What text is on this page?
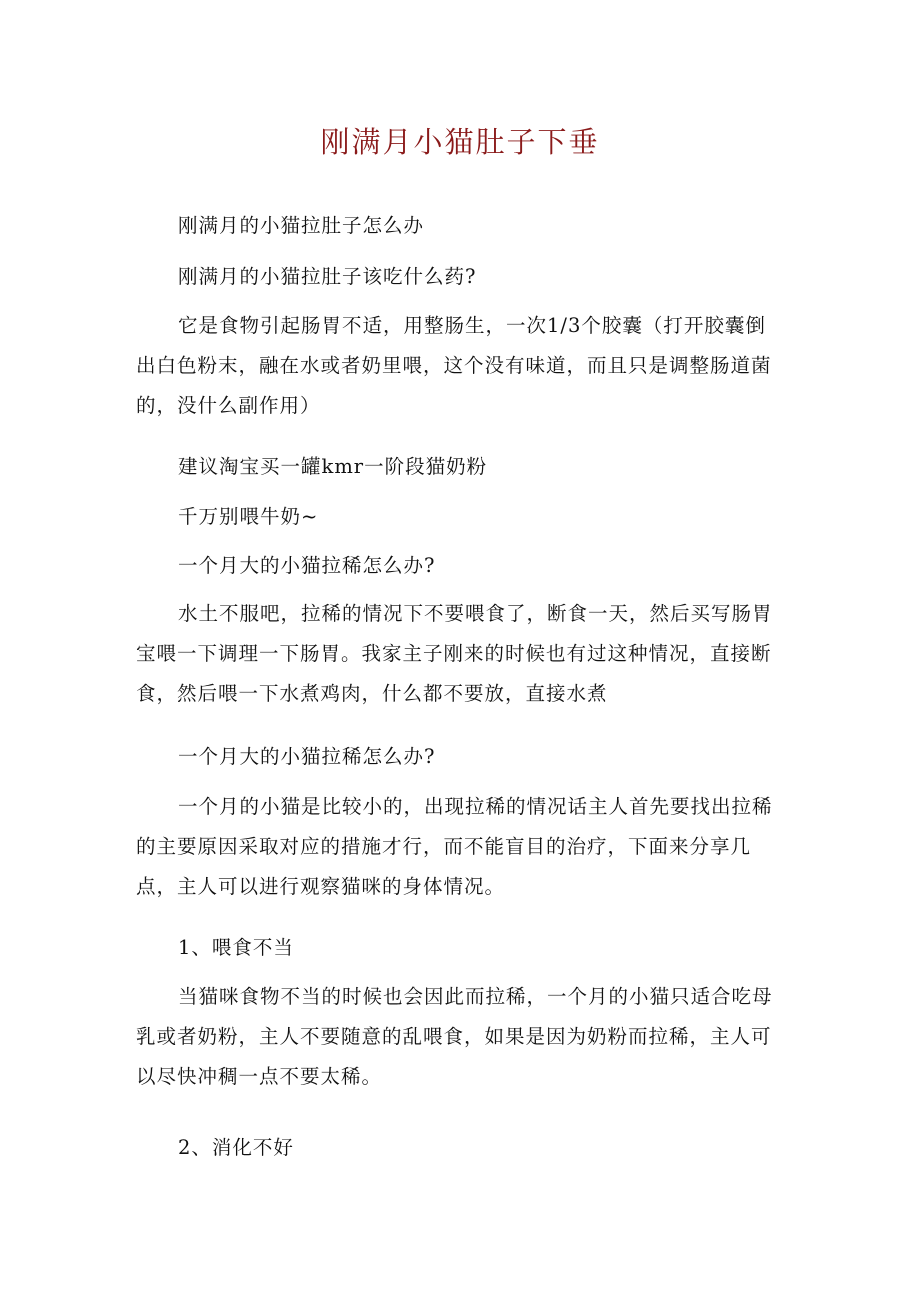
刚满月小猫肚子下垂

刚满月的小猫拉肚子怎么办

刚满月的小猫拉肚子该吃什么药?

它是食物引起肠胃不适，用整肠生，一次1/3个胶囊（打开胶囊倒出白色粉末，融在水或者奶里喂，这个没有味道，而且只是调整肠道菌的，没什么副作用）

建议淘宝买一罐kmr一阶段猫奶粉

千万别喂牛奶~

一个月大的小猫拉稀怎么办?

水土不服吧，拉稀的情况下不要喂食了，断食一天，然后买写肠胃宝喂一下调理一下肠胃。我家主子刚来的时候也有过这种情况，直接断食，然后喂一下水煮鸡肉，什么都不要放，直接水煮

一个月大的小猫拉稀怎么办?

一个月的小猫是比较小的，出现拉稀的情况话主人首先要找出拉稀的主要原因采取对应的措施才行，而不能盲目的治疗，下面来分享几点，主人可以进行观察猫咪的身体情况。

1、喂食不当

当猫咪食物不当的时候也会因此而拉稀，一个月的小猫只适合吃母乳或者奶粉，主人不要随意的乱喂食，如果是因为奶粉而拉稀，主人可以尽快冲稠一点不要太稀。

2、消化不好
